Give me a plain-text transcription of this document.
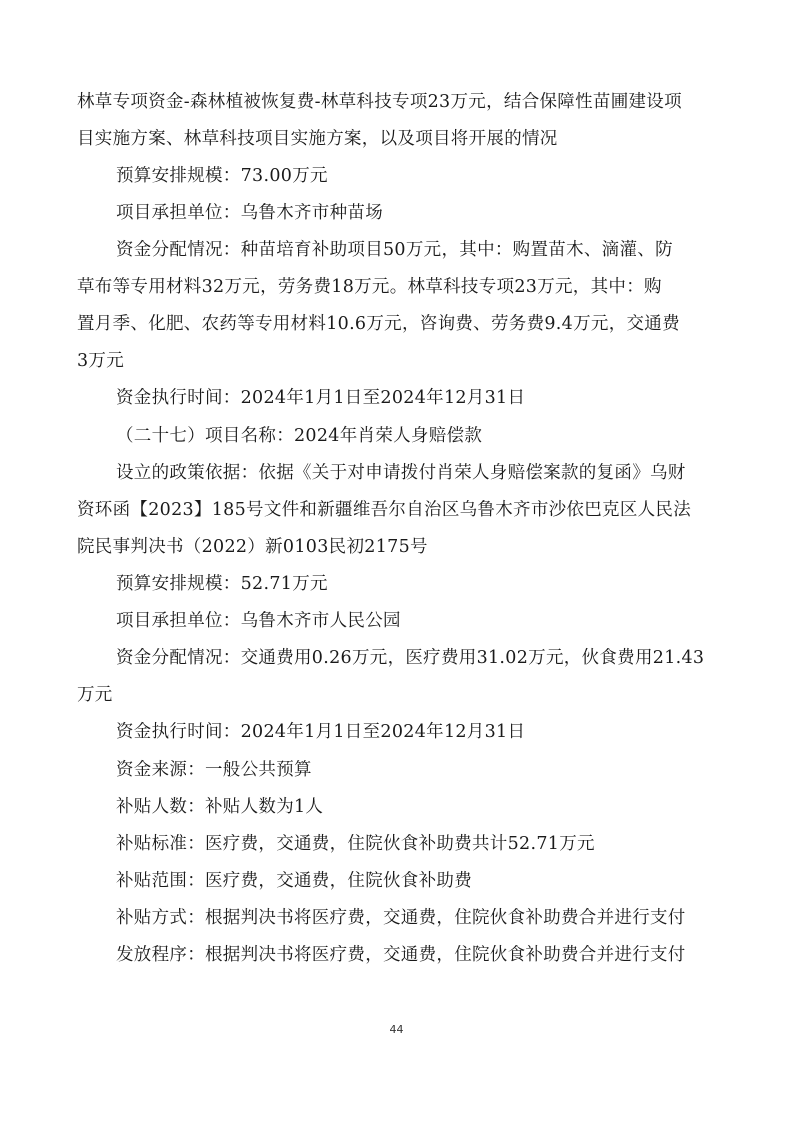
林草专项资金-森林植被恢复费-林草科技专项23万元，结合保障性苗圃建设项
目实施方案、林草科技项目实施方案，以及项目将开展的情况
预算安排规模：73.00万元
项目承担单位：乌鲁木齐市种苗场
资金分配情况：种苗培育补助项目50万元，其中：购置苗木、滴灌、防
草布等专用材料32万元，劳务费18万元。林草科技专项23万元，其中：购
置月季、化肥、农药等专用材料10.6万元，咨询费、劳务费9.4万元，交通费
3万元
资金执行时间：2024年1月1日至2024年12月31日
（二十七）项目名称：2024年肖荣人身赔偿款
设立的政策依据：依据《关于对申请拨付肖荣人身赔偿案款的复函》乌财
资环函【2023】185号文件和新疆维吾尔自治区乌鲁木齐市沙依巴克区人民法
院民事判决书（2022）新0103民初2175号
预算安排规模：52.71万元
项目承担单位：乌鲁木齐市人民公园
资金分配情况：交通费用0.26万元，医疗费用31.02万元，伙食费用21.43
万元
资金执行时间：2024年1月1日至2024年12月31日
资金来源：一般公共预算
补贴人数：补贴人数为1人
补贴标准：医疗费，交通费，住院伙食补助费共计52.71万元
补贴范围：医疗费，交通费，住院伙食补助费
补贴方式：根据判决书将医疗费，交通费，住院伙食补助费合并进行支付
发放程序：根据判决书将医疗费，交通费，住院伙食补助费合并进行支付
44
